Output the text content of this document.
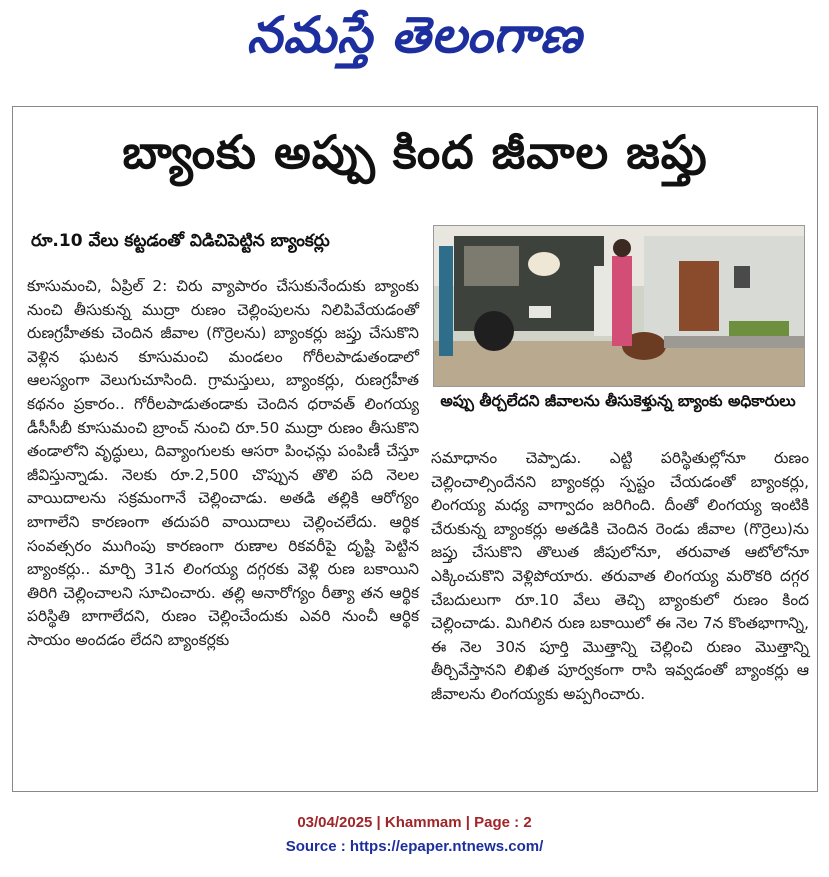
నమస్తే తెలంగాణ
బ్యాంకు అప్పు కింద జీవాల జప్తు
రూ.10 వేలు కట్టడంతో విడిచిపెట్టిన బ్యాంకర్లు
కూసుమంచి, ఏప్రిల్ 2: చిరు వ్యాపారం చేసుకునేందుకు బ్యాంకు నుంచి తీసుకున్న ముద్రా రుణం చెల్లింపులను నిలిపివేయడంతో రుణగ్రహీతకు చెందిన జీవాల (గొర్రెలను) బ్యాంకర్లు జప్తు చేసుకొని వెళ్లిన ఘటన కూసుమంచి మండలం గోరీలపాడుతండాలో ఆలస్యంగా వెలుగుచూసింది. గ్రామస్తులు, బ్యాంకర్లు, రుణగ్రహీత కథనం ప్రకారం.. గోరీలపాడుతండాకు చెందిన ధరావత్ లింగయ్య డీసీసీబీ కూసుమంచి బ్రాంచ్ నుంచి రూ.50 ముద్రా రుణం తీసుకొని తండాలోని వృద్ధులు, దివ్యాంగులకు ఆసరా పింఛన్లు పంపిణీ చేస్తూ జీవిస్తున్నాడు. నెలకు రూ.2,500 చొప్పున తొలి పది నెలల వాయిదాలను సక్రమంగానే చెల్లించాడు. అతడి తల్లికి ఆరోగ్యం బాగాలేని కారణంగా తదుపరి వాయిదాలు చెల్లించలేదు. ఆర్థిక సంవత్సరం ముగింపు కారణంగా రుణాల రికవరీపై దృష్టి పెట్టిన బ్యాంకర్లు.. మార్చి 31న లింగయ్య దగ్గరకు వెళ్లి రుణ బకాయిని తిరిగి చెల్లించాలని సూచించారు. తల్లి అనారోగ్యం రీత్యా తన ఆర్థిక పరిస్థితి బాగాలేదని, రుణం చెల్లించేందుకు ఎవరి నుంచీ ఆర్థిక సాయం అందడం లేదని బ్యాంకర్లకు
అప్పు తీర్చలేదని జీవాలను తీసుకెళ్తున్న బ్యాంకు అధికారులు
సమాధానం చెప్పాడు. ఎట్టి పరిస్థితుల్లోనూ రుణం చెల్లించాల్సిందేనని బ్యాంకర్లు స్పష్టం చేయడంతో బ్యాంకర్లు, లింగయ్య మధ్య వాగ్వాదం జరిగింది. దీంతో లింగయ్య ఇంటికి చేరుకున్న బ్యాంకర్లు అతడికి చెందిన రెండు జీవాల (గొర్రెలు)ను జప్తు చేసుకొని తొలుత జీపులోనూ, తరువాత ఆటోలోనూ ఎక్కించుకొని వెళ్లిపోయారు. తరువాత లింగయ్య మరొకరి దగ్గర చేబదులుగా రూ.10 వేలు తెచ్చి బ్యాంకులో రుణం కింద చెల్లించాడు. మిగిలిన రుణ బకాయిలో ఈ నెల 7న కొంతభాగాన్ని, ఈ నెల 30న పూర్తి మొత్తాన్ని చెల్లించి రుణం మొత్తాన్ని తీర్చివేస్తానని లిఖిత పూర్వకంగా రాసి ఇవ్వడంతో బ్యాంకర్లు ఆ జీవాలను లింగయ్యకు అప్పగించారు.
03/04/2025 | Khammam | Page : 2
Source : https://epaper.ntnews.com/
